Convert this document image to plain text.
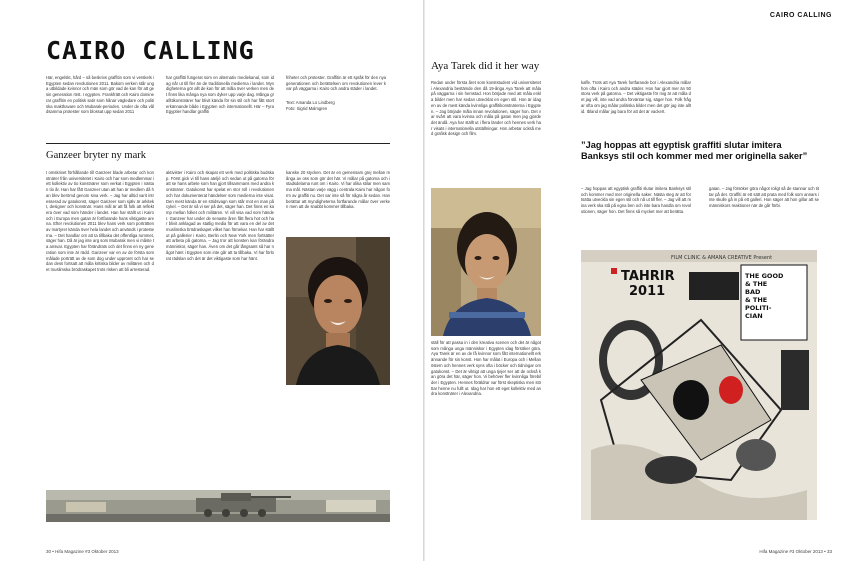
CAIRO CALLING
Här, engelskt, hård – så beskrivs graffitin som vi verskels i Egypten sedan revolutionen 2011. Bakom verken står unga utbildade kvinnor och män som gör vad de kan för att ge sin generation röst. I egypten. Frankfrätt och Kairo dominerar graffitin en politisk satir som hånar vägledare och politiska makthavare och Mubarak-perioden. Under de ofta våldsamma protester som blossat upp sedan 2011
har graffitti fungerat som en alternativ mediekanal, som idag når ut till fler än de traditionella medierna i landet. Myndigheterna gör allt de kan för att måla över verken men det finns lika många nya som dyker upp varje dag. Många grafittikonstnärer har blivit kända för sin stil och har fått stort erkännande både i Egypten och internationellt. Här – Fyra Egyptier handlar graffiti
friheter och protester. Graffitin är ett språk för den nya generationen och berättelsen om revolutionen lever kvar på väggarna i Kairo och andra städer i landet.
Text: Amanda Lo Lindberg
Foto: Sigrid Malmgren
Ganzeer bryter ny mark
I omskrivet förhållande till Ganzeer blade arbetar och konstnärer från universitetet i Kairo och har som medlemmar i ett kollektiv av tio konstnärer som verkat i Egypten i nästan tio år. Han har fått Ganzeer utan att han är medlem då han blev berömd genom sina verk. – Jag har alltid varit intresserad av gatukonst, säger Ganzeer som själv är arkitekt, designer och konstnär. Hans mål är att få folk att reflektera över vad som händer i landet. Han har ställt ut i Kairo och i Europa men gatan är fortfarande hans viktigaste arena. Efter revolutionen 2011 blev hans verk som porträtten av martyrer kända över hela landet och används i protesterna. – Det handlar om att ta tillbaka det offentliga rummet, säger han. Då är jag inte arg som Mubarak men vi måste ta ansvar. Egypten har förändrats och det finns en ny generation som inte är rädd. Ganzeer var en av de första som målade porträtt av de som dog under upproret och har sedan dess fortsatt att måla kritiska bilder av militären och det muslimska brödraskapet trots risken att bli arresterad.
aktivister i Kairo och skapat ett verk med politiska budskap. Först gick vi till hans ateljé och sedan ut på gatorna för att se hans arbete som han gjort tillsammans med andra konstnärer. Gatukonst har spelat en stor roll i revolutionen och har dokumenterat händelser som medierna inte visat. Den mest kända är en stridsvagn som står mot en man på cykel. – Det är så vi ser på det, säger han. Det finns en kamp mellan folket och militären. Vi vill visa vad som händer. Ganzeer har under de senaste åren fått flera hot och har blivit anklagad av statlig media för att vara en del av det muslimska brödraskapet vilket han förnekar. Han har ställt ut på gallerier i Kairo, Berlin och New York men fortsätter att arbeta på gatorna. – Jag tror att konsten kan förändra människor, säger han. Även om det går långsamt så har något hänt i Egypten som inte går att ta tillbaka. Vi har förlorat rädslan och det är det viktigaste som har hänt.
kanske 20 stycken. Det är en gemensam grej mellan många av oss som gör det här. Vi målar på gatorna och i stadsdelarna runt om i Kairo. Vi har olika stilar men samma mål. Nästan varje vägg i centrala Kairo har någon form av graffiti nu. Det var inte så för några år sedan. Han berättar att myndigheterna fortfarande målar över verken men att de snabbt kommer tillbaka.
30 • Hifa Magazine #3 Oktober 2013
CAIRO CALLING
Aya Tarek did it her way
Redan under första året som konststudent vid universitetet i Alexandria bestämde den då 19-åriga Aya Tarek att måla på väggarna i sin hemstad. Hon började med att måla enkla bilder men har sedan utvecklat en egen stil. Hon är idag en av de mest kända kvinnliga graffitikonstnärerna i Egypten. – Jag började måla innan revolutionen, säger hon. Det var svårt att vara kvinna och måla på gatan men jag gjorde det ändå. Aya har ställt ut i flera länder och hennes verk har visats i internationella utställningar. Hon arbetar också med grafisk design och film.
kaffe. Trots att Aya Tarek fortfarande bor i Alexandria målar hon ofta i Kairo och andra städer. Hon har gjort mer än 50 stora verk på gatorna. – Det viktigaste för mig är att måla det jag vill, inte vad andra förväntar sig, säger hon. Folk frågar ofta om jag målar politiska bilder men det gör jag inte alltid. Ibland målar jag bara för att det är vackert.
”Jag hoppas att egyptisk graffiti slutar imitera Banksys stil och kommer med mer originella saker”
– Jag hoppas att egyptisk graffiti slutar imitera Banksys stil och kommer med mer originella saker. Nästa steg är att fortsätta utveckla sin egen stil och nå ut till fler. – Jag vill att mina verk ska stå på egna ben och inte bara handla om revolutionen, säger hon. Det finns så mycket mer att berätta.
gatan. – Jag försöker göra något roligt så de stannar och tittar på det. Graffiti är ett sätt att prata med folk som annars inte skulle gå in på ett galleri. Hon säger att hon gillar att se människors reaktioner när de går förbi.
ställ för att passa in i den kreativa scenen och det är något som många unga människor i Egypten idag försöker göra. Aya Tarek är en av de få kvinnor som fått internationellt erkännande för sin konst. Hon har målat i Europa och i Mellanöstern och hennes verk syns ofta i böcker och tidningar om gatukonst. – Det är viktigt att unga tjejer ser att de också kan göra det här, säger hon. Vi behöver fler kvinnliga förebilder i Egypten. Hennes föräldrar var först skeptiska men stöttar henne nu fullt ut. Idag har hon ett eget kollektiv med andra konstnärer i Alexandria.
FILM CLINIC & AMANA CREATIVE Present
TAHRIR
2011
THE GOOD & THE BAD & THE POLITI- CIAN
Hifa Magazine #3 Oktober 2013 • 33
